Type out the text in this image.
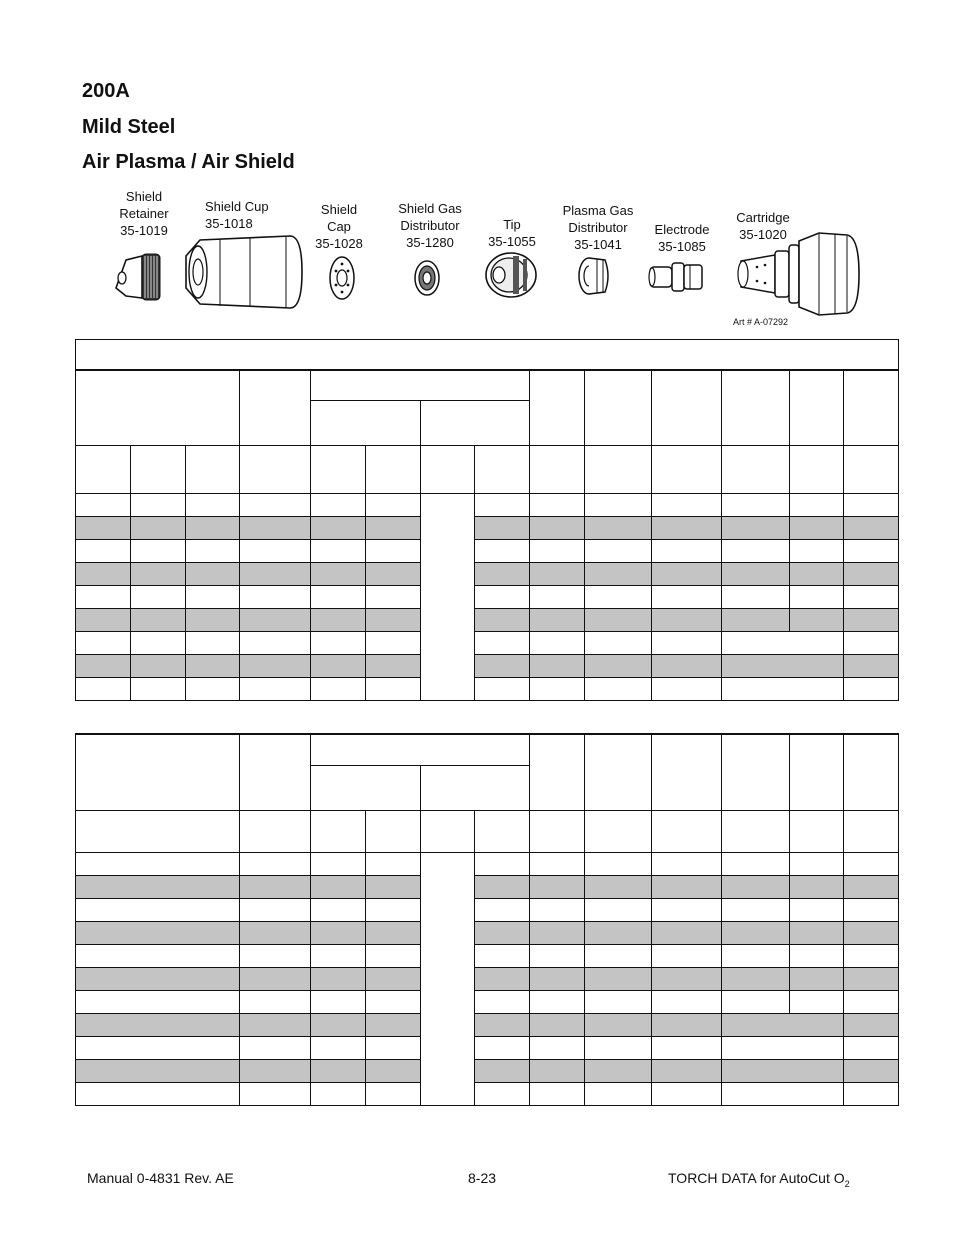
200A
Mild Steel
Air Plasma / Air Shield
Shield
Retainer
35-1019
Shield Cup
35-1018
Shield
Cap
35-1028
Shield Gas
Distributor
35-1280
Tip
35-1055
Plasma Gas
Distributor
35-1041
Electrode
35-1085
Cartridge
35-1020
Art # A-07292

Manual 0-4831 Rev. AE	8-23	TORCH DATA for AutoCut $O_2$
